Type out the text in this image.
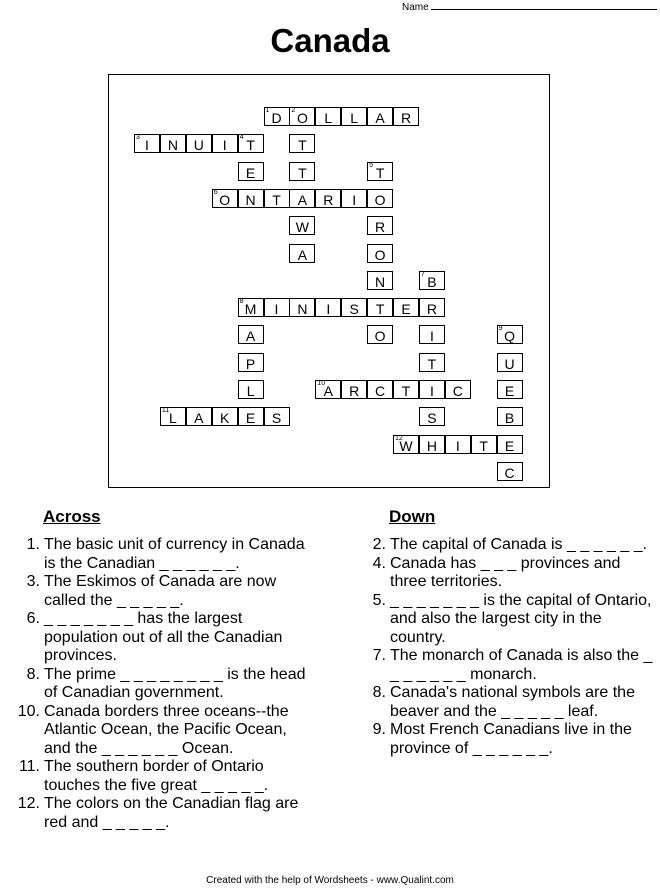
Name
Canada
1 D	2 O	L	L	A	R
T
T
A
W
A
3 I	N	U	I	4 T
E
N
5 T
O
R
O
N
T
O
6 O	T	R	I
7 B
R
I
T
I
S
H
8 M	I	N	I	S	E
A
P
L
E
9 Q
U
E
B
E
C
10
A	R	C	T	C
11 L	A	K	S
12
W	I	T
Across	Down
1. The basic unit of currency in Canada is the Canadian _ _ _ _ _ _.
3. The Eskimos of Canada are now called the _ _ _ _ _.
6. _ _ _ _ _ _ _ has the largest population out of all the Canadian provinces.
8. The prime _ _ _ _ _ _ _ _ is the head of Canadian government.
10. Canada borders three oceans--the Atlantic Ocean, the Pacific Ocean, and the _ _ _ _ _ _ Ocean.
11. The southern border of Ontario touches the five great _ _ _ _ _.
12. The colors on the Canadian flag are red and _ _ _ _ _.
2. The capital of Canada is _ _ _ _ _ _.
4. Canada has _ _ _ provinces and three territories.
5. _ _ _ _ _ _ _ is the capital of Ontario, and also the largest city in the country.
7. The monarch of Canada is also the _ _ _ _ _ _ _ monarch.
8. Canada's national symbols are the beaver and the _ _ _ _ _ leaf.
9. Most French Canadians live in the province of _ _ _ _ _ _.
Created with the help of Wordsheets - www.Qualint.com
